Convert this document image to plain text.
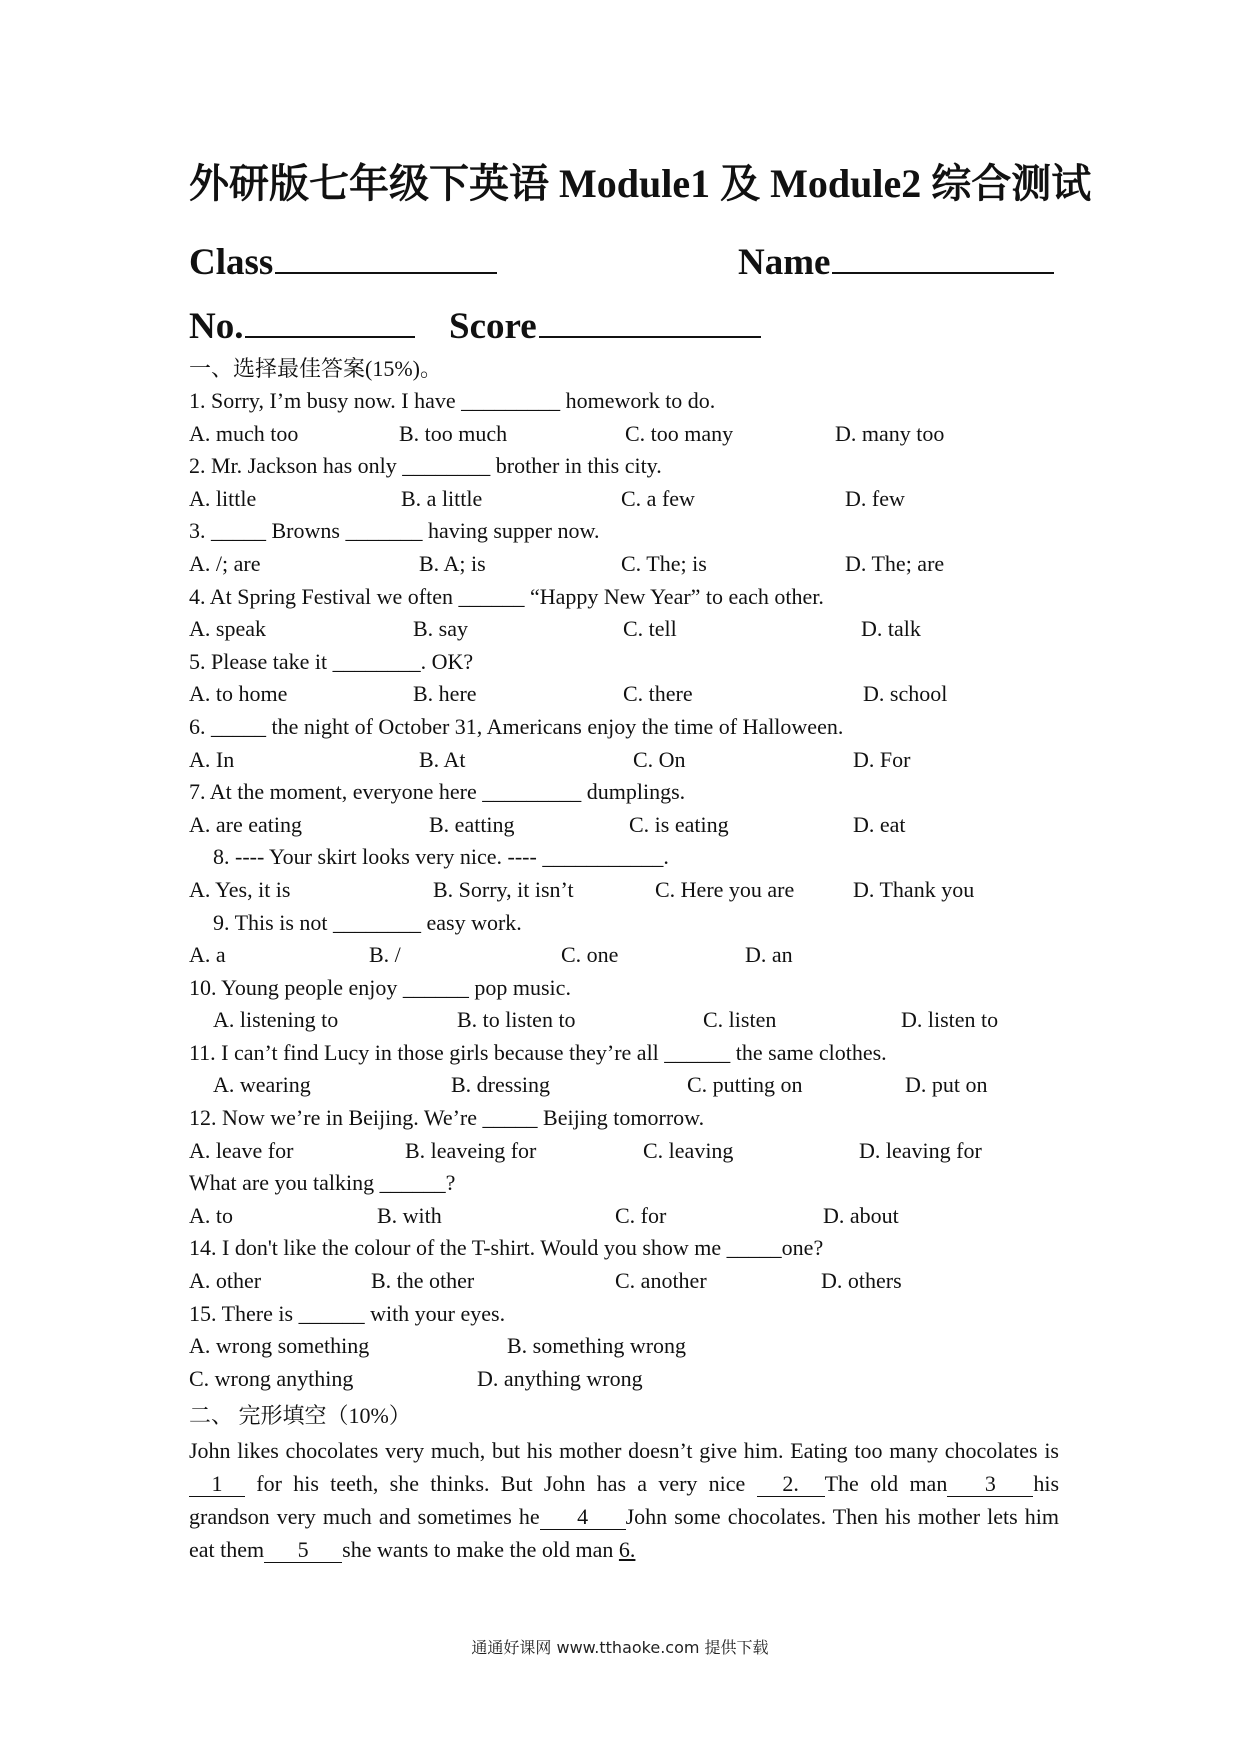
外研版七年级下英语 Module1 及 Module2 综合测试
Class	Name
No.	Score
一、选择最佳答案(15%)。
1. Sorry, I’m busy now. I have _________ homework to do.
A. much too	B. too much	C. too many	D. many too
2. Mr. Jackson has only ________ brother in this city.
A. little	B. a little	C. a few	D. few
3. _____ Browns _______ having supper now.
A. /; are	B. A; is	C. The; is	D. The; are
4. At Spring Festival we often ______ “Happy New Year” to each other.
A. speak	B. say	C. tell	D. talk
5. Please take it ________. OK?
A. to home	B. here	C. there	D. school
6. _____ the night of October 31, Americans enjoy the time of Halloween.
A. In	B. At	C. On	D. For
7. At the moment, everyone here _________ dumplings.
A. are eating	B. eatting	C. is eating	D. eat
8. ---- Your skirt looks very nice. ---- ___________.
A. Yes, it is	B. Sorry, it isn’t	C. Here you are	D. Thank you
9. This is not ________ easy work.
A. a	B. /	C. one	D. an
10. Young people enjoy ______ pop music.
A. listening to	B. to listen to	C. listen	D. listen to
11. I can’t find Lucy in those girls because they’re all ______ the same clothes.
A. wearing	B. dressing	C. putting on	D. put on
12. Now we’re in Beijing. We’re _____ Beijing tomorrow.
A. leave for	B. leaveing for	C. leaving	D. leaving for
What are you talking ______?
A. to	B. with	C. for	D. about
14. I don't like the colour of the T-shirt. Would you show me _____one?
A. other	B. the other	C. another	D. others
15. There is ______ with your eyes.
A. wrong something	B. something wrong
C. wrong anything	D. anything wrong
二、 完形填空（10%）
John likes chocolates very much, but his mother doesn’t give him. Eating too many chocolates is 1 for his teeth, she thinks. But John has a very nice 2. The old man 3 his grandson very much and sometimes he 4 John some chocolates. Then his mother lets him eat them 5 she wants to make the old man 6.
通通好课网 www.tthaoke.com 提供下载
